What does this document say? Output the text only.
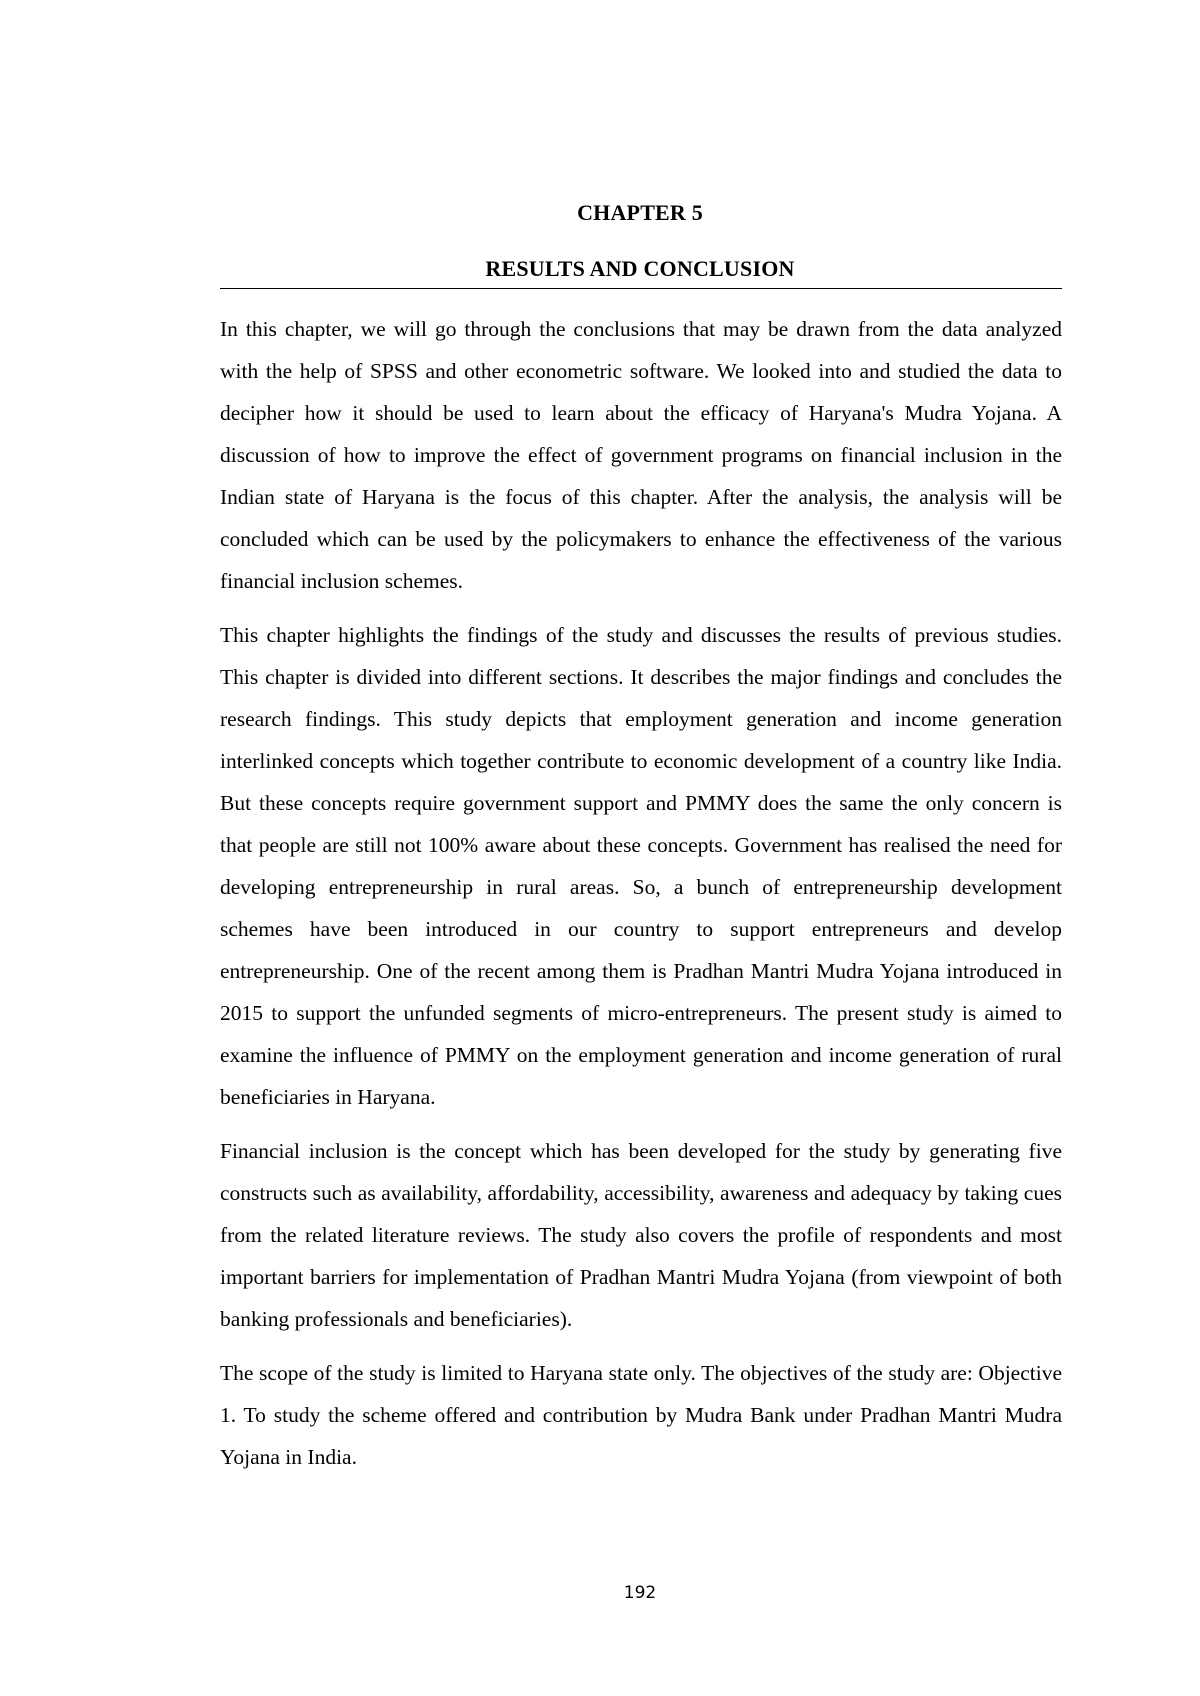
CHAPTER 5
RESULTS AND CONCLUSION

In this chapter, we will go through the conclusions that may be drawn from the data analyzed with the help of SPSS and other econometric software. We looked into and studied the data to decipher how it should be used to learn about the efficacy of Haryana's Mudra Yojana. A discussion of how to improve the effect of government programs on financial inclusion in the Indian state of Haryana is the focus of this chapter. After the analysis, the analysis will be concluded which can be used by the policymakers to enhance the effectiveness of the various financial inclusion schemes.

This chapter highlights the findings of the study and discusses the results of previous studies. This chapter is divided into different sections. It describes the major findings and concludes the research findings. This study depicts that employment generation and income generation interlinked concepts which together contribute to economic development of a country like India. But these concepts require government support and PMMY does the same the only concern is that people are still not 100% aware about these concepts. Government has realised the need for developing entrepreneurship in rural areas. So, a bunch of entrepreneurship development schemes have been introduced in our country to support entrepreneurs and develop entrepreneurship. One of the recent among them is Pradhan Mantri Mudra Yojana introduced in 2015 to support the unfunded segments of micro-entrepreneurs. The present study is aimed to examine the influence of PMMY on the employment generation and income generation of rural beneficiaries in Haryana.

Financial inclusion is the concept which has been developed for the study by generating five constructs such as availability, affordability, accessibility, awareness and adequacy by taking cues from the related literature reviews. The study also covers the profile of respondents and most important barriers for implementation of Pradhan Mantri Mudra Yojana (from viewpoint of both banking professionals and beneficiaries).

The scope of the study is limited to Haryana state only. The objectives of the study are: Objective 1. To study the scheme offered and contribution by Mudra Bank under Pradhan Mantri Mudra Yojana in India.

192
